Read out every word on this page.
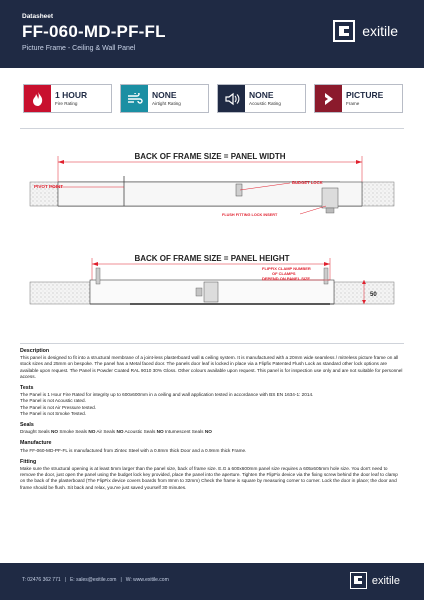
Datasheet
FF-060-MD-PF-FL
Picture Frame - Ceiling & Wall Panel
exitile
1 HOUR
Fire Rating
NONE
Airtight Rating
NONE
Acoustic Rating
PICTURE
Frame
BACK OF FRAME SIZE = PANEL WIDTH
PIVOT POINT
BUDGET LOCK
FLUSH FITTING LOCK INSERT
BACK OF FRAME SIZE = PANEL HEIGHT
FLIPFIX CLAMP NUMBER
OF CLAMPS
DEPEND ON PANEL SIZE
50
Description

This panel is designed to fit into a structural membrane of a joint-less plasterboard wall & ceiling system. It is manufactured with a 20mm wide seamless / mitreless picture frame on all stock sizes and 25mm on bespoke. The panel has a Metal faced door. The panels door leaf is locked in place via a Flipfix Patented Flush Lock as standard other lock options are available upon request. The Panel is Powder Coated RAL 9010 30% Gloss. Other colours available upon request. This panel is for inspection use only and are not suitable for personnel access.

Tests

The Panel is 1 Hour Fire Rated for integrity up to 600x600mm in a ceiling and wall application tested in accordance with BS EN 1634-1: 2014.

The Panel is not Acoustic rated.

The Panel is not Air Pressure tested.

The Panel is not Smoke Tested.

Seals

Draught Seals NO Smoke Seals NO Air Seals NO Acoustic Seals NO Intumescent Seals NO

Manufacture

The FF-060-MD-PF-FL is manufactured from Zintec Steel with a 0.8mm thick Door and a 0.9mm thick Frame.

Fitting

Make sure the structural opening is at least 5mm larger than the panel size, back of frame size. E.G a 600x600mm panel size requires a 605x605mm hole size. You don't need to remove the door, just open the panel using the budget lock key provided, place the panel into the aperture. Tighten the FlipFix device via the fixing screw behind the door leaf to clamp on the back of the plasterboard (The FlipFix device covers boards from 8mm to 32mm) Check the frame is square by measuring corner to corner. Lock the door in place; the door and frame should be flush. Sit back and relax, you've just saved yourself 30 minutes.

T: 02476 362 771 | E: sales@exitile.com | W: www.exitile.com	exitile
